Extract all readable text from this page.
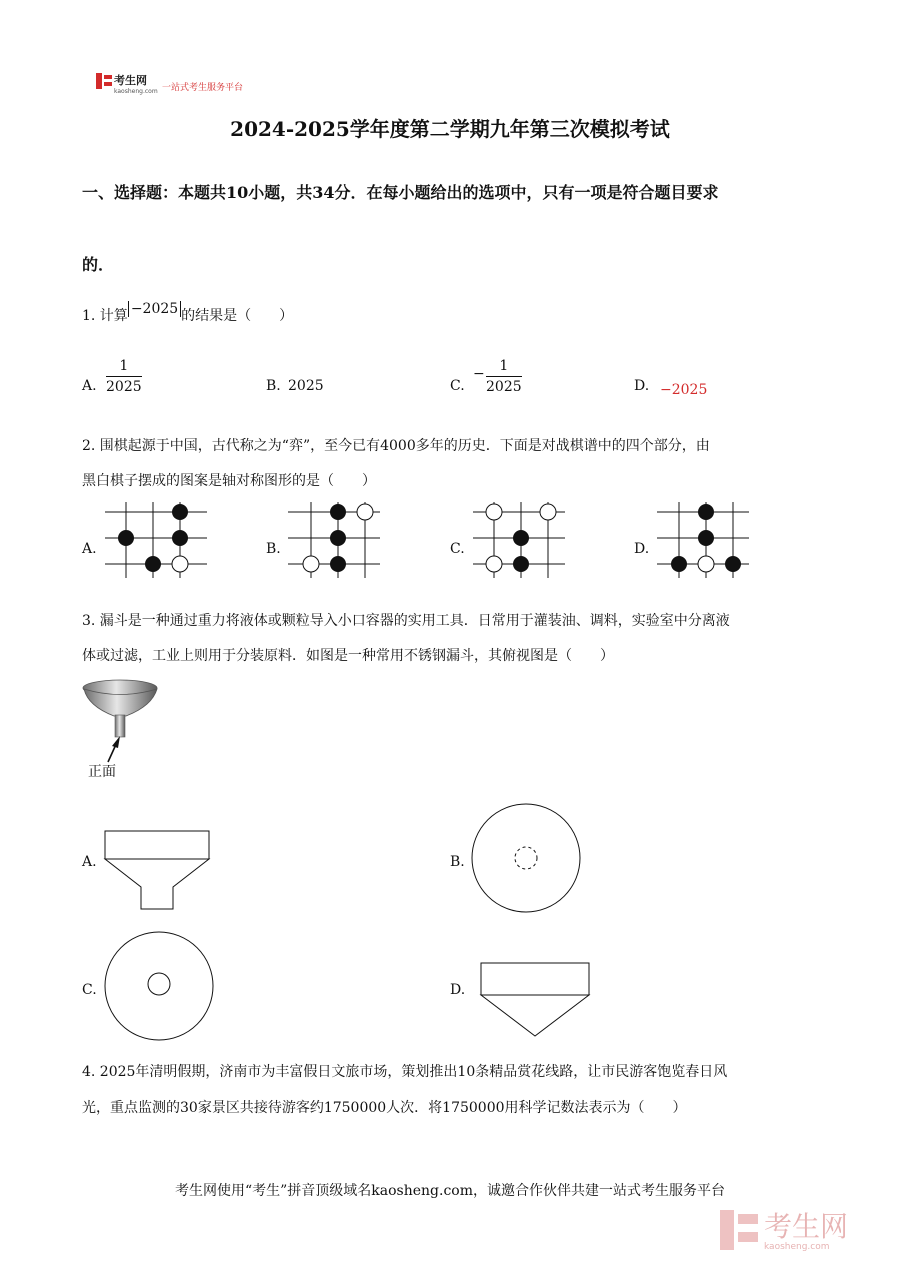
考生网
kaosheng.com 一站式考生服务平台
2024-2025学年度第二学期九年第三次模拟考试
一、选择题：本题共10小题，共34分．在每小题给出的选项中，只有一项是符合题目要求
的．
1. 计算 −2025 的结果是（　　）
A. $\frac{1}{2025}$	B. 2025	C.
− $\frac{1}{2025}$	D. −2025
2. 围棋起源于中国，古代称之为“弈”，至今已有4000多年的历史．下面是对战棋谱中的四个部分，由
黑白棋子摆成的图案是轴对称图形的是（　　）
A.	B.	C.	D.
3. 漏斗是一种通过重力将液体或颗粒导入小口容器的实用工具．日常用于灌装油、调料，实验室中分离液
体或过滤，工业上则用于分装原料．如图是一种常用不锈钢漏斗，其俯视图是（　　）
正面
A.	B.
C.	D.
4. 2025年清明假期，济南市为丰富假日文旅市场，策划推出10条精品赏花线路，让市民游客饱览春日风
光，重点监测的30家景区共接待游客约1750000人次．将1750000用科学记数法表示为（　　）
考生网使用“考生”拼音顶级域名kaosheng.com，诚邀合作伙伴共建一站式考生服务平台
考生网
kaosheng.com
